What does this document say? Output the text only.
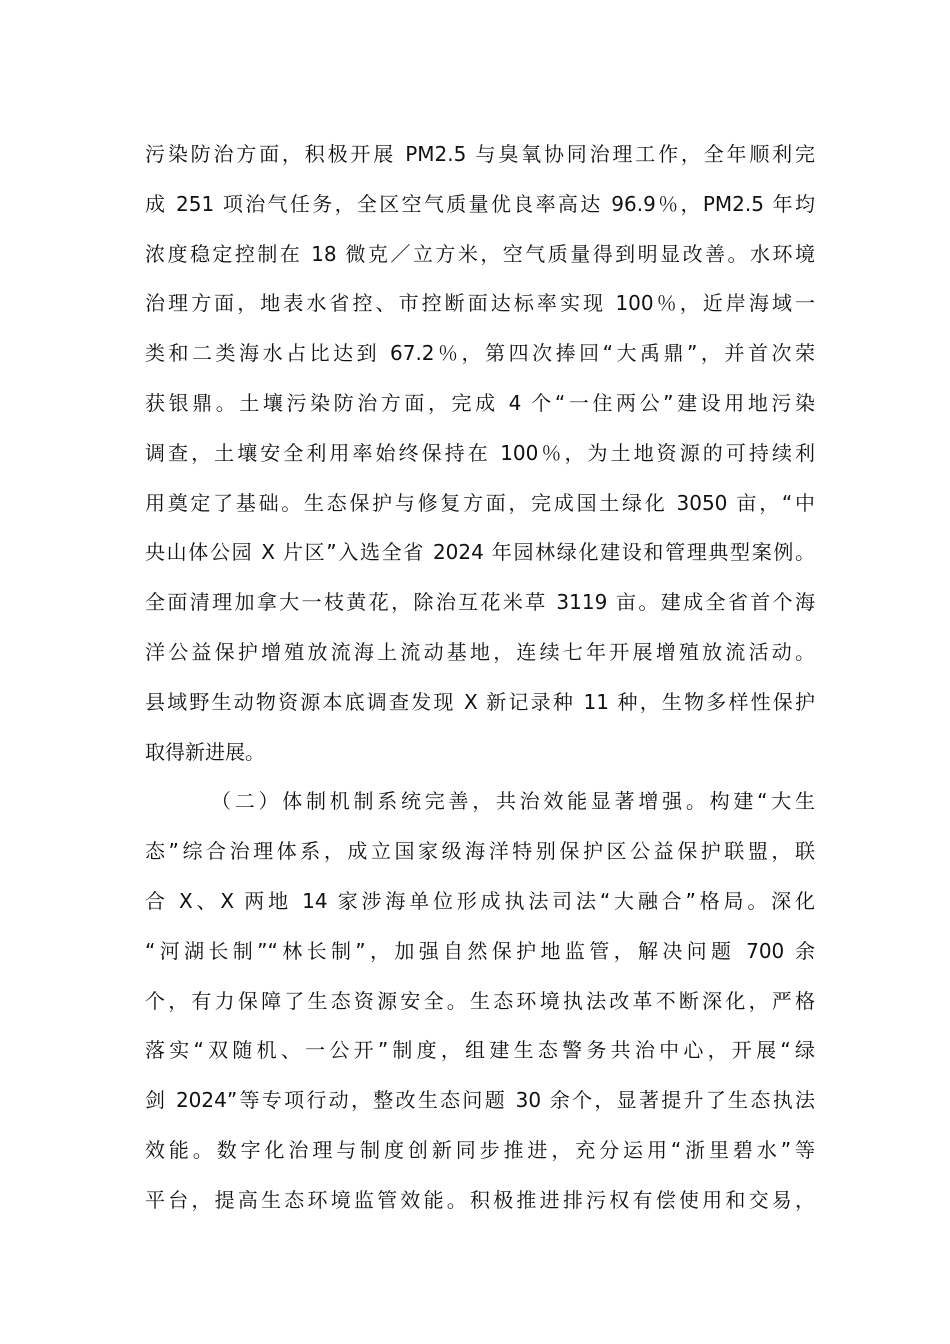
污染防治方面，积极开展 PM2.5 与臭氧协同治理工作，全年顺利完
成 251 项治气任务，全区空气质量优良率高达 96.9％，PM2.5 年均
浓度稳定控制在 18 微克／立方米，空气质量得到明显改善。水环境
治理方面，地表水省控、市控断面达标率实现 100％，近岸海域一
类和二类海水占比达到 67.2％，第四次捧回“大禹鼎”，并首次荣
获银鼎。土壤污染防治方面，完成 4 个“一住两公”建设用地污染
调查，土壤安全利用率始终保持在 100％，为土地资源的可持续利
用奠定了基础。生态保护与修复方面，完成国土绿化 3050 亩，“中
央山体公园 X 片区”入选全省 2024 年园林绿化建设和管理典型案例。
全面清理加拿大一枝黄花，除治互花米草 3119 亩。建成全省首个海
洋公益保护增殖放流海上流动基地，连续七年开展增殖放流活动。
县域野生动物资源本底调查发现 X 新记录种 11 种，生物多样性保护
取得新进展。
（二）体制机制系统完善，共治效能显著增强。构建“大生
态”综合治理体系，成立国家级海洋特别保护区公益保护联盟，联
合 X、X 两地 14 家涉海单位形成执法司法“大融合”格局。深化
“河湖长制”“林长制”，加强自然保护地监管，解决问题 700 余
个，有力保障了生态资源安全。生态环境执法改革不断深化，严格
落实“双随机、一公开”制度，组建生态警务共治中心，开展“绿
剑 2024”等专项行动，整改生态问题 30 余个，显著提升了生态执法
效能。数字化治理与制度创新同步推进，充分运用“浙里碧水”等
平台，提高生态环境监管效能。积极推进排污权有偿使用和交易，
